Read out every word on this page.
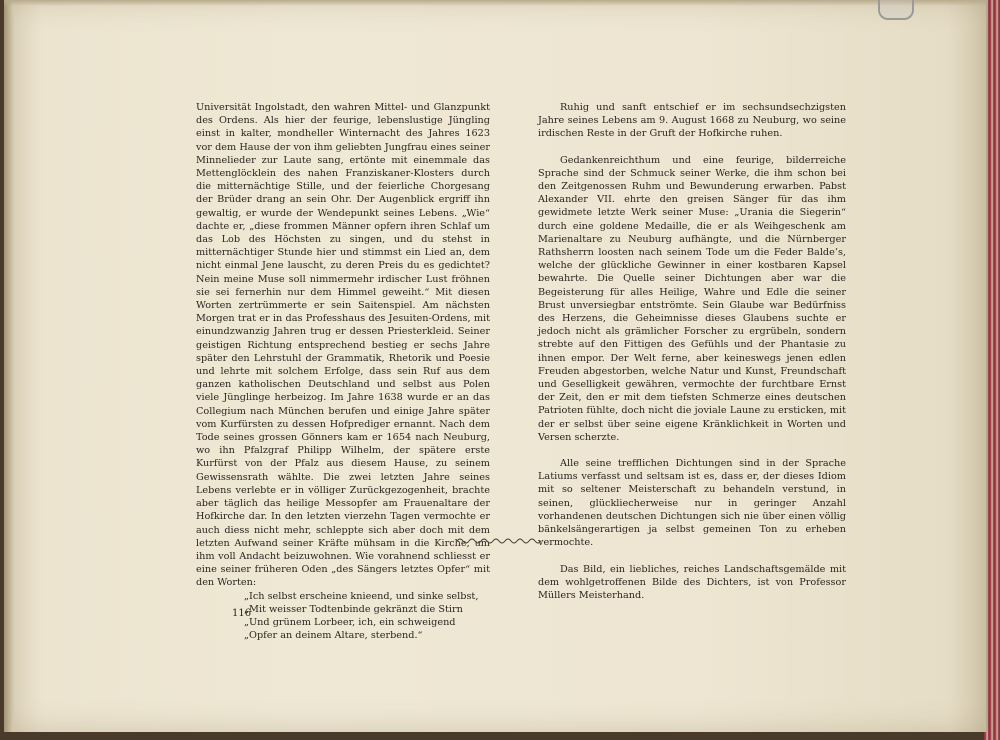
Universität Ingolstadt, den wahren Mittel- und Glanzpunkt des Ordens. Als hier der feurige, lebenslustige Jüngling einst in kalter, mondheller Winternacht des Jahres 1623 vor dem Hause der von ihm geliebten Jungfrau eines seiner Minnelieder zur Laute sang, ertönte mit einemmale das Mettenglöcklein des nahen Franziskaner-Klosters durch die mitternächtige Stille, und der feierliche Chorgesang der Brüder drang an sein Ohr. Der Augenblick ergriff ihn gewaltig, er wurde der Wendepunkt seines Lebens. „Wie“ dachte er, „diese frommen Männer opfern ihren Schlaf um das Lob des Höchsten zu singen, und du stehst in mitternächtiger Stunde hier und stimmst ein Lied an, dem nicht einmal Jene lauscht, zu deren Preis du es gedichtet? Nein meine Muse soll nimmermehr irdischer Lust fröhnen sie sei fernerhin nur dem Himmel geweiht.“ Mit diesen Worten zertrümmerte er sein Saitenspiel. Am nächsten Morgen trat er in das Professhaus des Jesuiten-Ordens, mit einundzwanzig Jahren trug er dessen Priesterkleid. Seiner geistigen Richtung entsprechend bestieg er sechs Jahre später den Lehrstuhl der Grammatik, Rhetorik und Poesie und lehrte mit solchem Erfolge, dass sein Ruf aus dem ganzen katholischen Deutschland und selbst aus Polen viele Jünglinge herbeizog. Im Jahre 1638 wurde er an das Collegium nach München berufen und einige Jahre später vom Kurfürsten zu dessen Hofprediger ernannt. Nach dem Tode seines grossen Gönners kam er 1654 nach Neuburg, wo ihn Pfalzgraf Philipp Wilhelm, der spätere erste Kurfürst von der Pfalz aus diesem Hause, zu seinem Gewissensrath wählte. Die zwei letzten Jahre seines Lebens verlebte er in völliger Zurückgezogenheit, brachte aber täglich das heilige Messopfer am Frauenaltare der Hofkirche dar. In den letzten vierzehn Tagen vermochte er auch diess nicht mehr, schleppte sich aber doch mit dem letzten Aufwand seiner Kräfte mühsam in die Kirche, um ihm voll Andacht beizuwohnen. Wie vorahnend schliesst er eine seiner früheren Oden „des Sängers letztes Opfer“ mit den Worten:

„Ich selbst erscheine knieend, und sinke selbst,
„Mit weisser Todtenbinde gekränzt die Stirn
„Und grünem Lorbeer, ich, ein schweigend
„Opfer an deinem Altare, sterbend.“

Ruhig und sanft entschief er im sechsundsechzigsten Jahre seines Lebens am 9. August 1668 zu Neuburg, wo seine irdischen Reste in der Gruft der Hofkirche ruhen.

Gedankenreichthum und eine feurige, bilderreiche Sprache sind der Schmuck seiner Werke, die ihm schon bei den Zeitgenossen Ruhm und Bewunderung erwarben. Pabst Alexander VII. ehrte den greisen Sänger für das ihm gewidmete letzte Werk seiner Muse: „Urania die Siegerin“ durch eine goldene Medaille, die er als Weihgeschenk am Marienaltare zu Neuburg aufhängte, und die Nürnberger Rathsherrn loosten nach seinem Tode um die Feder Balde’s, welche der glückliche Gewinner in einer kostbaren Kapsel bewahrte. Die Quelle seiner Dichtungen aber war die Begeisterung für alles Heilige, Wahre und Edle die seiner Brust unversiegbar entströmte. Sein Glaube war Bedürfniss des Herzens, die Geheimnisse dieses Glaubens suchte er jedoch nicht als grämlicher Forscher zu ergrübeln, sondern strebte auf den Fittigen des Gefühls und der Phantasie zu ihnen empor. Der Welt ferne, aber keineswegs jenen edlen Freuden abgestorben, welche Natur und Kunst, Freundschaft und Geselligkeit gewähren, vermochte der furchtbare Ernst der Zeit, den er mit dem tiefsten Schmerze eines deutschen Patrioten fühlte, doch nicht die joviale Laune zu ersticken, mit der er selbst über seine eigene Kränklichkeit in Worten und Versen scherzte.

Alle seine trefflichen Dichtungen sind in der Sprache Latiums verfasst und seltsam ist es, dass er, der dieses Idiom mit so seltener Meisterschaft zu behandeln verstund, in seinen, glückliecherweise nur in geringer Anzahl vorhandenen deutschen Dichtungen sich nie über einen völlig bänkelsängerartigen ja selbst gemeinen Ton zu erheben vermochte.

Das Bild, ein liebliches, reiches Landschaftsgemälde mit dem wohlgetroffenen Bilde des Dichters, ist von Professor Müllers Meisterhand.

116
